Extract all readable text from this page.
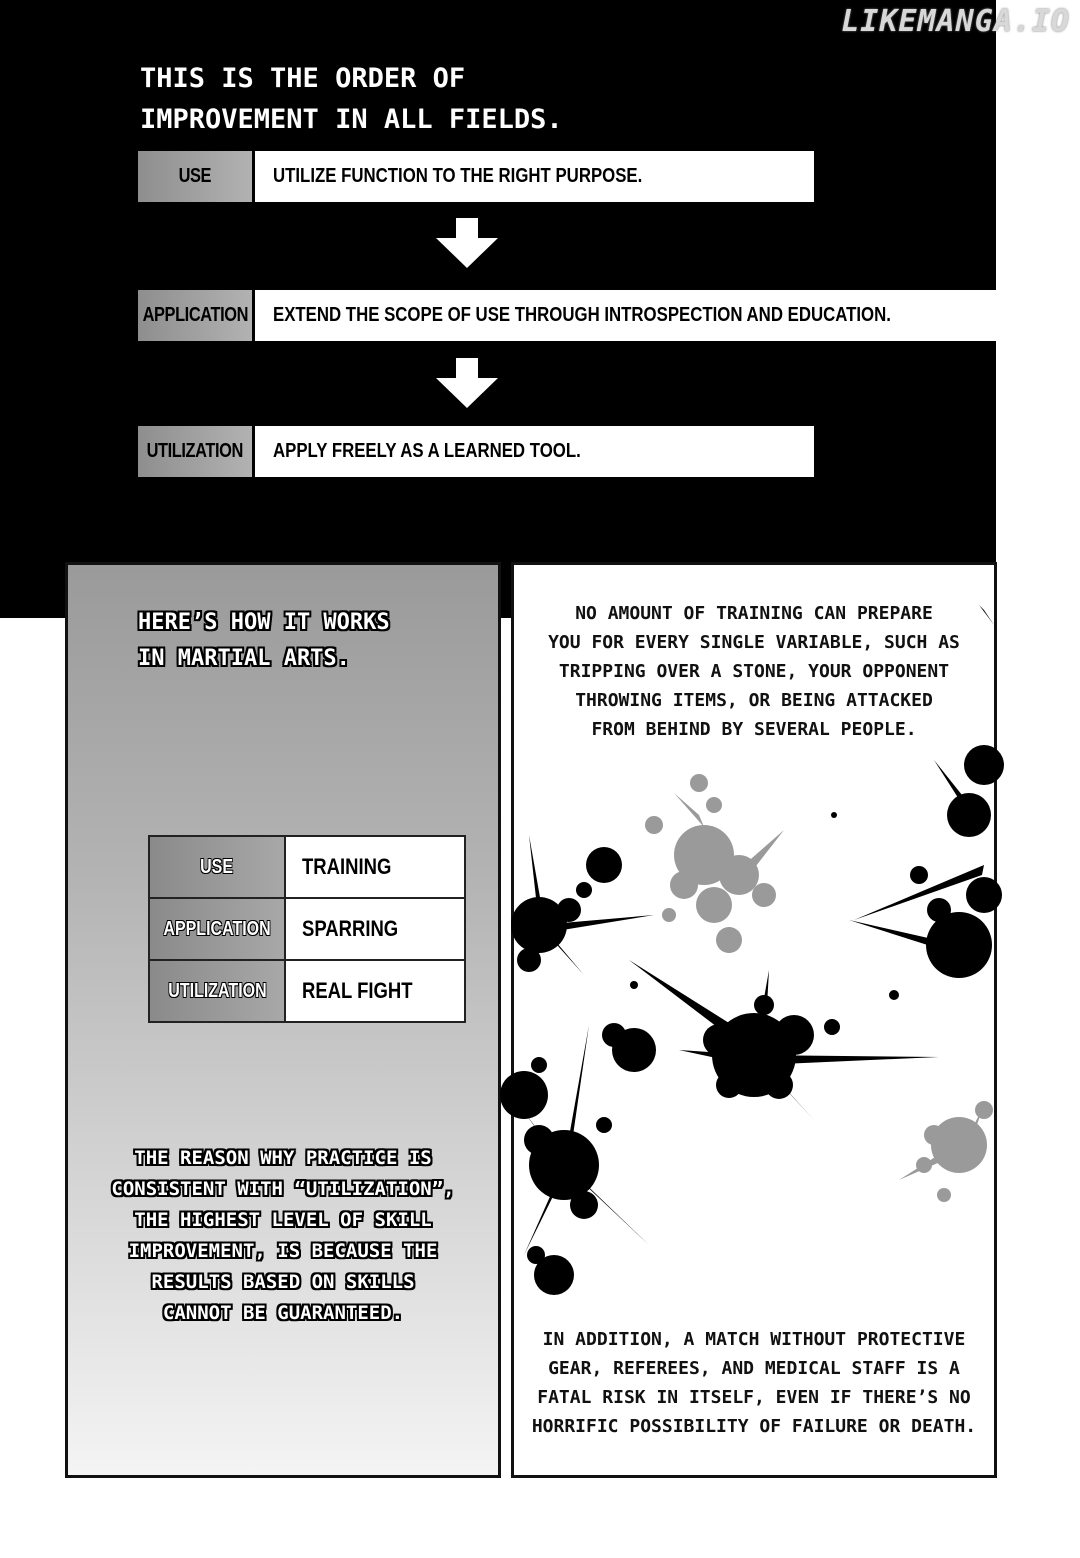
LIKEMANGA.IO
THIS IS THE ORDER OF
IMPROVEMENT IN ALL FIELDS.
USE	UTILIZE FUNCTION TO THE RIGHT PURPOSE.
APPLICATION EXTEND THE SCOPE OF USE THROUGH INTROSPECTION AND EDUCATION.
UTILIZATION APPLY FREELY AS A LEARNED TOOL.
HERE’S HOW IT WORKS
IN MARTIAL ARTS.
USE	TRAINING
APPLICATION	SPARRING
UTILIZATION	REAL FIGHT
THE REASON WHY PRACTICE IS
CONSISTENT WITH “UTILIZATION”,
THE HIGHEST LEVEL OF SKILL
IMPROVEMENT, IS BECAUSE THE
RESULTS BASED ON SKILLS
CANNOT BE GUARANTEED.
NO AMOUNT OF TRAINING CAN PREPARE
YOU FOR EVERY SINGLE VARIABLE, SUCH AS
TRIPPING OVER A STONE, YOUR OPPONENT
THROWING ITEMS, OR BEING ATTACKED
FROM BEHIND BY SEVERAL PEOPLE.
IN ADDITION, A MATCH WITHOUT PROTECTIVE
GEAR, REFEREES, AND MEDICAL STAFF IS A
FATAL RISK IN ITSELF, EVEN IF THERE’S NO
HORRIFIC POSSIBILITY OF FAILURE OR DEATH.
